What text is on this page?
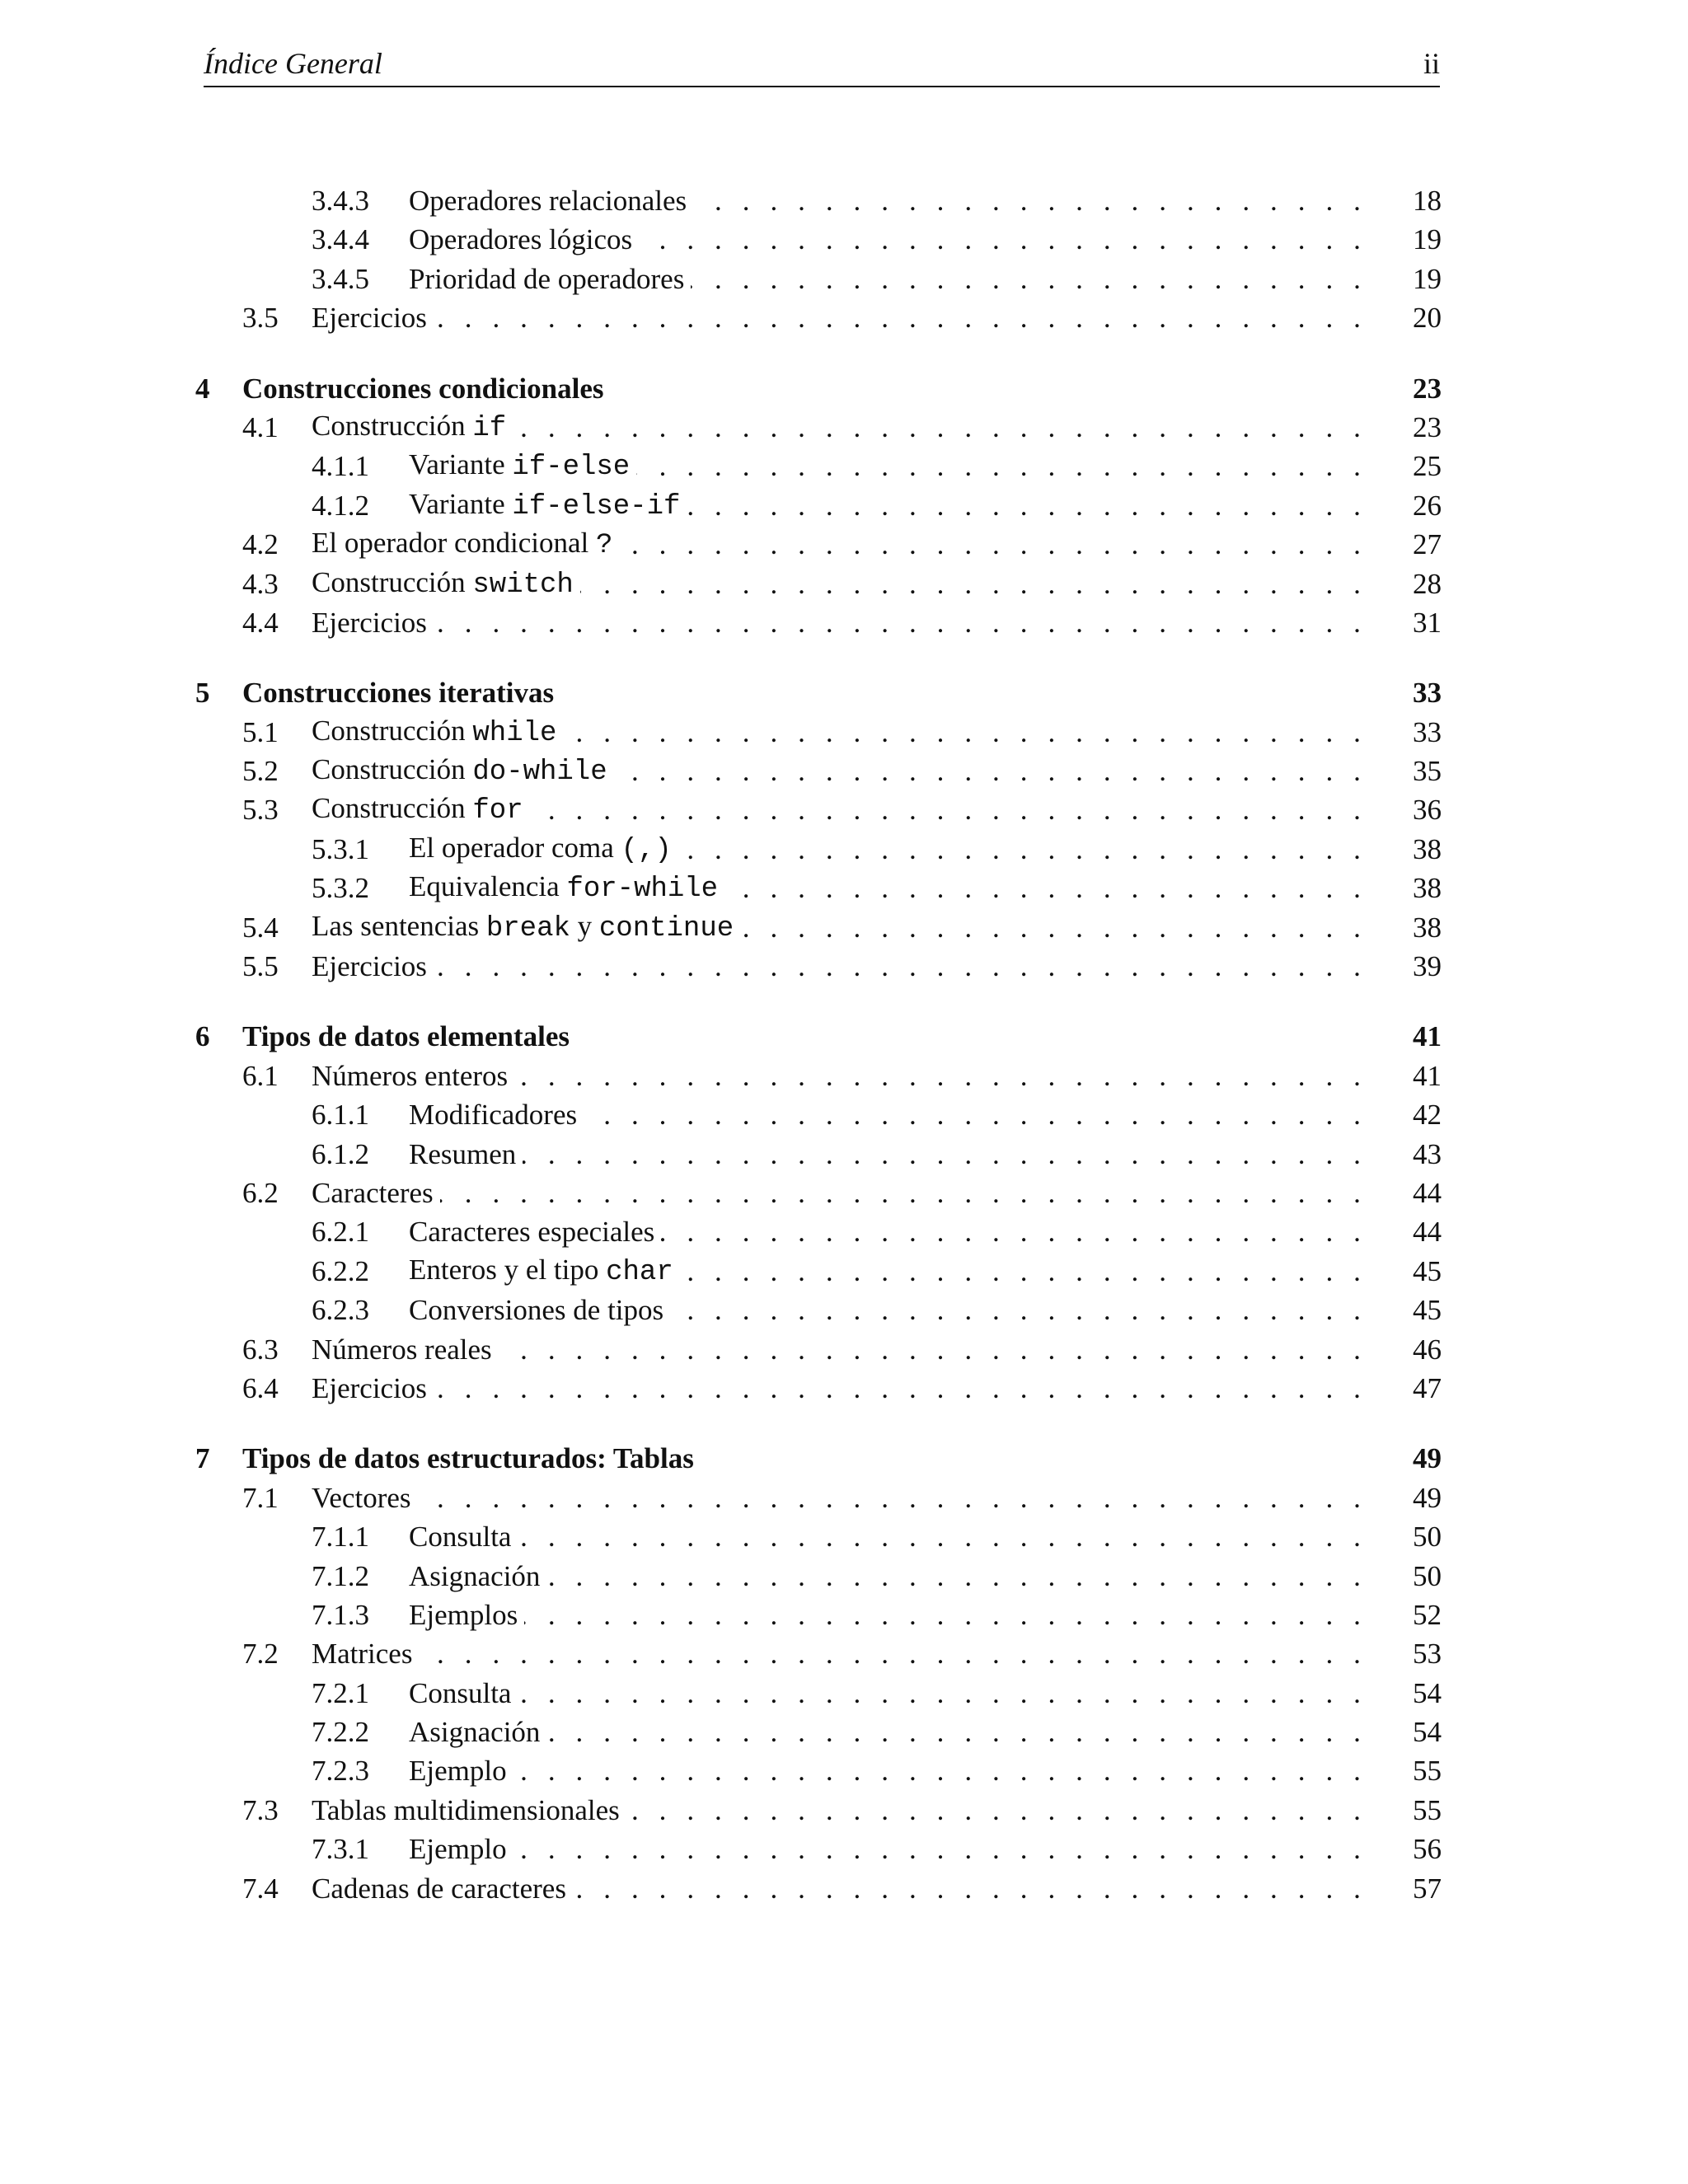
Índice General	ii
3.4.3	Operadores relacionales . . .	18
3.4.4	Operadores lógicos . . .	19
3.4.5	Prioridad de operadores . . .	19
3.5	Ejercicios . . .	20
4	Construcciones condicionales	23
4.1	Construcción if . . .	23
4.1.1	Variante if-else . . .	25
4.1.2	Variante if-else-if . . .	26
4.2	El operador condicional ? . . .	27
4.3	Construcción switch . . .	28
4.4	Ejercicios . . .	31
5	Construcciones iterativas	33
5.1	Construcción while . . .	33
5.2	Construcción do-while . . .	35
5.3	Construcción for . . .	36
5.3.1	El operador coma (,) . . .	38
5.3.2	Equivalencia for-while . . .	38
5.4	Las sentencias break y continue . . .	38
5.5	Ejercicios . . .	39
6	Tipos de datos elementales	41
6.1	Números enteros . . .	41
6.1.1	Modificadores . . .	42
6.1.2	Resumen . . .	43
6.2	Caracteres . . .	44
6.2.1	Caracteres especiales . . .	44
6.2.2	Enteros y el tipo char . . .	45
6.2.3	Conversiones de tipos . . .	45
6.3	Números reales . . .	46
6.4	Ejercicios . . .	47
7	Tipos de datos estructurados: Tablas	49
7.1	Vectores . . .	49
7.1.1	Consulta . . .	50
7.1.2	Asignación . . .	50
7.1.3	Ejemplos . . .	52
7.2	Matrices . . .	53
7.2.1	Consulta . . .	54
7.2.2	Asignación . . .	54
7.2.3	Ejemplo . . .	55
7.3	Tablas multidimensionales . . .	55
7.3.1	Ejemplo . . .	56
7.4	Cadenas de caracteres . . .	57
